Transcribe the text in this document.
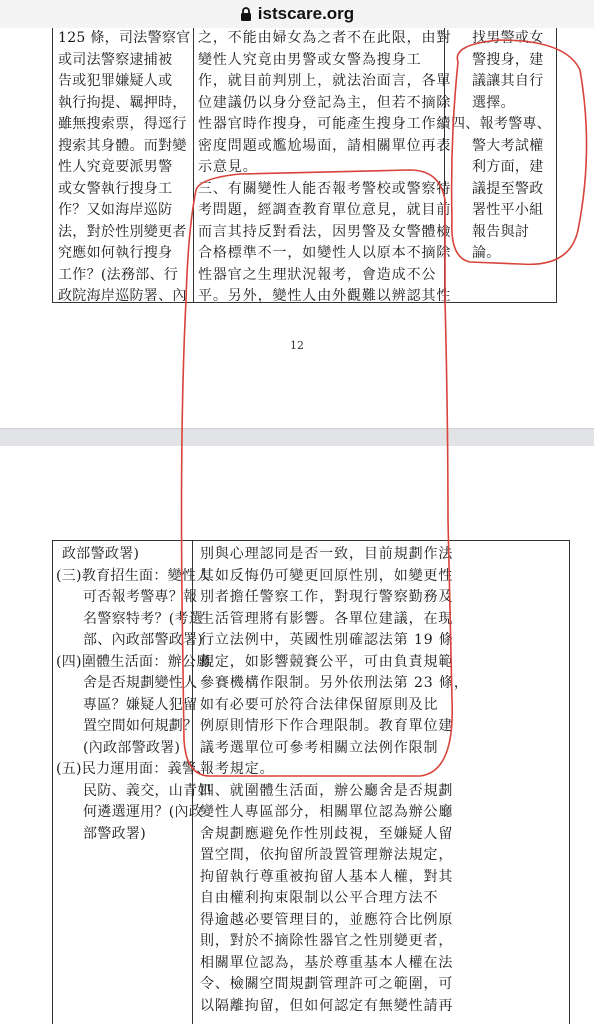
istscare.org
125 條，司法警察官
或司法警察逮捕被
告或犯罪嫌疑人或
執行拘提、羈押時，
雖無搜索票，得逕行
搜索其身體。而對變
性人究竟要派男警
或女警執行搜身工
作？又如海岸巡防
法，對於性別變更者
究應如何執行搜身
工作？(法務部、行
政院海岸巡防署、內
之，不能由婦女為之者不在此限，由對
變性人究竟由男警或女警為搜身工
作，就目前判別上，就法治面言，各單
位建議仍以身分登記為主，但若不摘除
性器官時作搜身，可能產生搜身工作續
密度問題或尷尬場面，請相關單位再表
示意見。
三、有關變性人能否報考警校或警察特
考問題，經調查教育單位意見，就目前
而言其持反對看法，因男警及女警體檢
合格標準不一，如變性人以原本不摘除
性器官之生理狀況報考，會造成不公
平。另外，變性人由外觀難以辨認其性
找男警或女
警搜身，建
議讓其自行
選擇。
四、報考警專、
警大考試權
利方面，建
議提至警政
署性平小組
報告與討
論。
12
政部警政署)
(三)教育招生面：變性人
可否報考警專？報
名警察特考？(考選
部、內政部警政署)
(四)圍體生活面：辦公廳
舍是否規劃變性人
專區？嫌疑人犯留
置空間如何規劃？
(內政部警政署)
(五)民力運用面：義警、
民防、義交，山青如
何遴選運用？(內政
部警政署)
別與心理認同是否一致，目前規劃作法
其如反悔仍可變更回原性別，如變更性
別者擔任警察工作，對現行警察勤務及
生活管理將有影響。各單位建議，在現
行立法例中，英國性別確認法第 19 條
規定，如影響競賽公平，可由負責規範
參賽機構作限制。另外依刑法第 23 條，
如有必要可於符合法律保留原則及比
例原則情形下作合理限制。教育單位建
議考選單位可參考相關立法例作限制
報考規定。
四、就圍體生活面，辦公廳舍是否規劃
變性人專區部分，相關單位認為辦公廳
舍規劃應避免作性別歧視，至嫌疑人留
置空間，依拘留所設置管理辦法規定，
拘留執行尊重被拘留人基本人權，對其
自由權利拘束限制以公平合理方法不
得逾越必要管理目的，並應符合比例原
則，對於不摘除性器官之性別變更者，
相關單位認為，基於尊重基本人權在法
令、檢關空間規劃管理許可之範圍，可
以隔離拘留，但如何認定有無變性請再
